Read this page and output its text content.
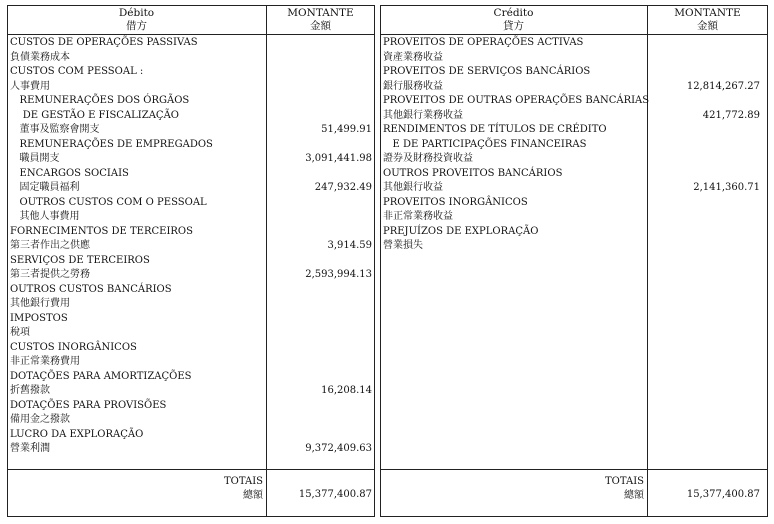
Débito
借方
MONTANTE
金額
Crédito
貸方
MONTANTE
金額
CUSTOS DE OPERAÇÕES PASSIVAS
負債業務成本
CUSTOS COM PESSOAL :
人事費用
REMUNERAÇÕES DOS ÓRGÃOS
DE GESTÃO E FISCALIZAÇÃO
董事及監察會開支
REMUNERAÇÕES DE EMPREGADOS
職員開支
ENCARGOS SOCIAIS
固定職員福利
OUTROS CUSTOS COM O PESSOAL
其他人事費用
FORNECIMENTOS DE TERCEIROS
第三者作出之供應
SERVIÇOS DE TERCEIROS
第三者提供之勞務
OUTROS CUSTOS BANCÁRIOS
其他銀行費用
IMPOSTOS
稅項
CUSTOS INORGÂNICOS
非正常業務費用
DOTAÇÕES PARA AMORTIZAÇÕES
折舊撥款
DOTAÇÕES PARA PROVISÕES
備用金之撥款
LUCRO DA EXPLORAÇÃO
營業利潤
51,499.91
3,091,441.98
247,932.49
3,914.59
2,593,994.13
16,208.14
9,372,409.63
PROVEITOS DE OPERAÇÕES ACTIVAS
資產業務收益
PROVEITOS DE SERVIÇOS BANCÁRIOS
銀行服務收益
PROVEITOS DE OUTRAS OPERAÇÕES BANCÁRIAS
其他銀行業務收益
RENDIMENTOS DE TÍTULOS DE CRÉDITO
E DE PARTICIPAÇÕES FINANCEIRAS
證券及財務投資收益
OUTROS PROVEITOS BANCÁRIOS
其他銀行收益
PROVEITOS INORGÂNICOS
非正常業務收益
PREJUÍZOS DE EXPLORAÇÃO
營業損失
12,814,267.27
421,772.89
2,141,360.71
TOTAIS
總額	15,377,400.87
TOTAIS
總額	15,377,400.87
